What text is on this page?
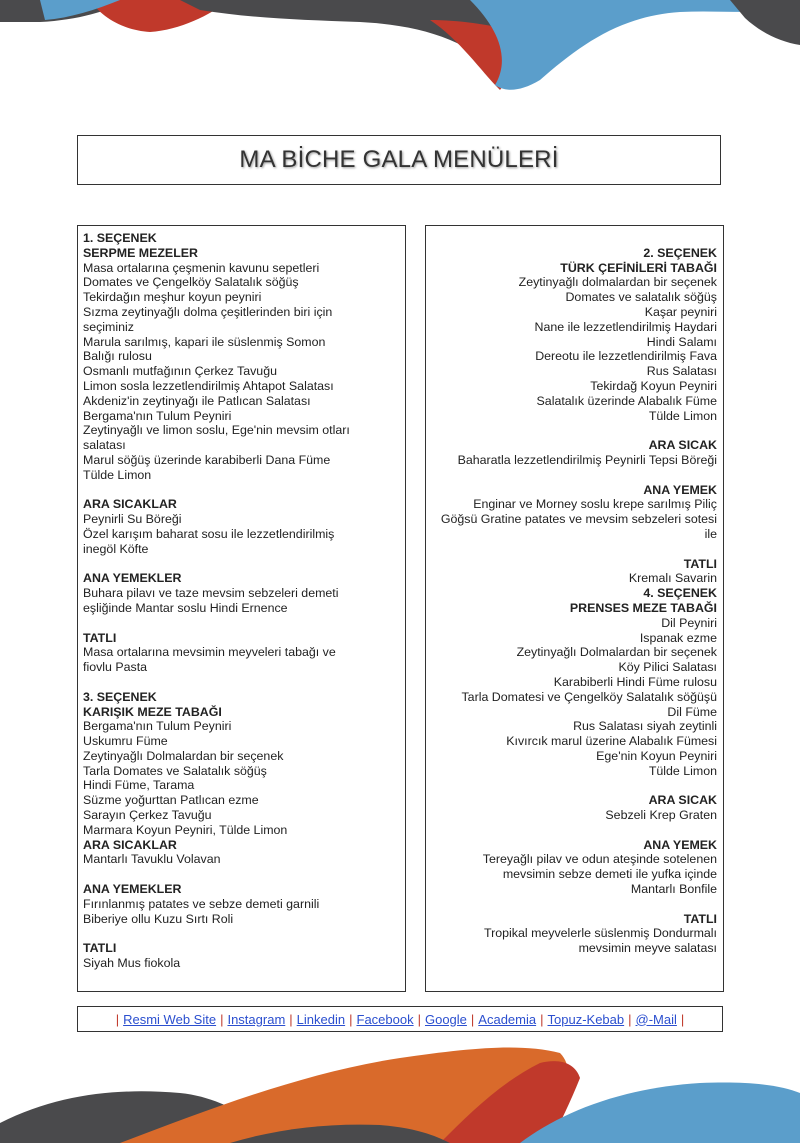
MA BİCHE GALA MENÜLERİ
1. SEÇENEK
SERPME MEZELER
Masa ortalarına çeşmenin kavunu sepetleri
Domates ve Çengelköy Salatalık söğüş
Tekirdağın meşhur koyun peyniri
Sızma zeytinyağlı dolma çeşitlerinden biri için
seçiminiz
Marula sarılmış, kapari ile süslenmiş Somon
Balığı rulosu
Osmanlı mutfağının Çerkez Tavuğu
Limon sosla lezzetlendirilmiş Ahtapot Salatası
Akdeniz'in zeytinyağı ile Patlıcan Salatası
Bergama'nın Tulum Peyniri
Zeytinyağlı ve limon soslu, Ege'nin mevsim otları
salatası
Marul söğüş üzerinde karabiberli Dana Füme
Tülde Limon
ARA SICAKLAR
Peynirli Su Böreği
Özel karışım baharat sosu ile lezzetlendirilmiş
inegöl Köfte
ANA YEMEKLER
Buhara pilavı ve taze mevsim sebzeleri demeti
eşliğinde Mantar soslu Hindi Ernence
TATLI
Masa ortalarına mevsimin meyveleri tabağı ve
fiovlu Pasta
3. SEÇENEK
KARIŞIK MEZE TABAĞI
Bergama'nın Tulum Peyniri
Uskumru Füme
Zeytinyağlı Dolmalardan bir seçenek
Tarla Domates ve Salatalık söğüş
Hindi Füme, Tarama
Süzme yoğurttan Patlıcan ezme
Sarayın Çerkez Tavuğu
Marmara Koyun Peyniri, Tülde Limon
ARA SICAKLAR
Mantarlı Tavuklu Volavan
ANA YEMEKLER
Fırınlanmış patates ve sebze demeti garnili
Biberiye ollu Kuzu Sırtı Roli
TATLI
Siyah Mus fiokola
2. SEÇENEK
TÜRK ÇEFİNİLERİ TABAĞI
Zeytinyağlı dolmalardan bir seçenek
Domates ve salatalık söğüş
Kaşar peyniri
Nane ile lezzetlendirilmiş Haydari
Hindi Salamı
Dereotu ile lezzetlendirilmiş Fava
Rus Salatası
Tekirdağ Koyun Peyniri
Salatalık üzerinde Alabalık Füme
Tülde Limon
ARA SICAK
Baharatla lezzetlendirilmiş Peynirli Tepsi Böreği
ANA YEMEK
Enginar ve Morney soslu krepe sarılmış Piliç
Göğsü Gratine patates ve mevsim sebzeleri sotesi
ile
TATLI
Kremalı Savarin
4. SEÇENEK
PRENSES MEZE TABAĞI
Dil Peyniri
Ispanak ezme
Zeytinyağlı Dolmalardan bir seçenek
Köy Pilici Salatası
Karabiberli Hindi Füme rulosu
Tarla Domatesi ve Çengelköy Salatalık söğüşü
Dil Füme
Rus Salatası siyah zeytinli
Kıvırcık marul üzerine Alabalık Fümesi
Ege'nin Koyun Peyniri
Tülde Limon
ARA SICAK
Sebzeli Krep Graten
ANA YEMEK
Tereyağlı pilav ve odun ateşinde sotelenen
mevsimin sebze demeti ile yufka içinde
Mantarlı Bonfile
TATLI
Tropikal meyvelerle süslenmiş Dondurmalı
mevsimin meyve salatası
| Resmi Web Site | Instagram | Linkedin | Facebook | Google | Academia | Topuz-Kebab | @-Mail |
